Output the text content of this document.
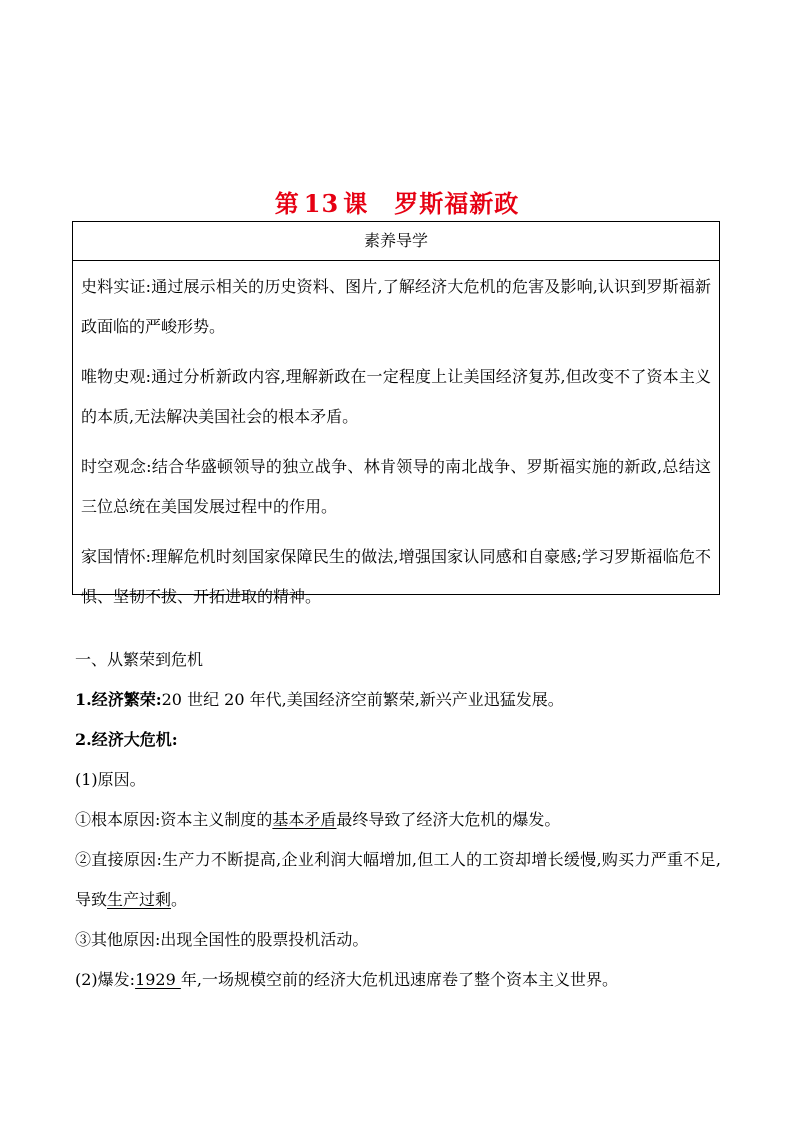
第 13 课 罗斯福新政
素养导学

史料实证:通过展示相关的历史资料、图片,了解经济大危机的危害及影响,认识到罗斯福新政面临的严峻形势。

唯物史观:通过分析新政内容,理解新政在一定程度上让美国经济复苏,但改变不了资本主义的本质,无法解决美国社会的根本矛盾。

时空观念:结合华盛顿领导的独立战争、林肯领导的南北战争、罗斯福实施的新政,总结这三位总统在美国发展过程中的作用。

家国情怀:理解危机时刻国家保障民生的做法,增强国家认同感和自豪感;学习罗斯福临危不惧、坚韧不拔、开拓进取的精神。

一、从繁荣到危机

1.经济繁荣:20 世纪 20 年代,美国经济空前繁荣,新兴产业迅猛发展。

2.经济大危机:

(1)原因。

①根本原因:资本主义制度的基本矛盾最终导致了经济大危机的爆发。

②直接原因:生产力不断提高,企业利润大幅增加,但工人的工资却增长缓慢,购买力严重不足,导致生产过剩。

③其他原因:出现全国性的股票投机活动。

(2)爆发:1929 年,一场规模空前的经济大危机迅速席卷了整个资本主义世界。
